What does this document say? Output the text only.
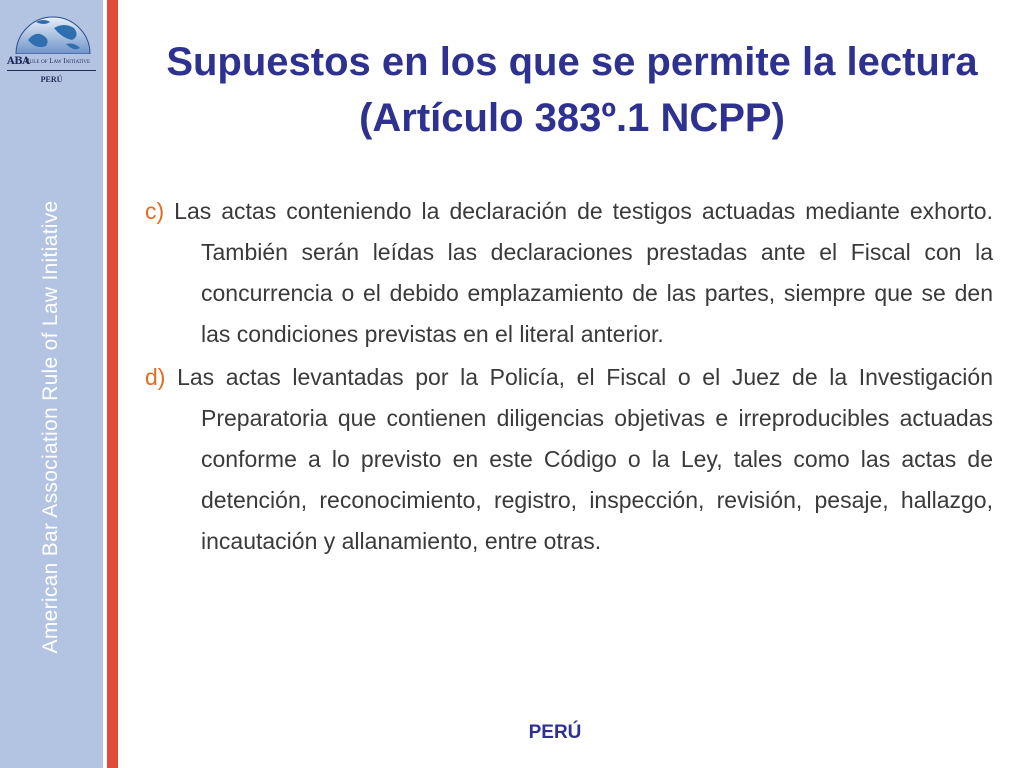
ABA
Rule of Law Initiative
PERÚ
American Bar Association Rule of Law Initiative
Supuestos en los que se permite la lectura (Artículo 383º.1 NCPP)

c) Las actas conteniendo la declaración de testigos actuadas mediante exhorto. También serán leídas las declaraciones prestadas ante el Fiscal con la concurrencia o el debido emplazamiento de las partes, siempre que se den las condiciones previstas en el literal anterior.

d) Las actas levantadas por la Policía, el Fiscal o el Juez de la Investigación Preparatoria que contienen diligencias objetivas e irreproducibles actuadas conforme a lo previsto en este Código o la Ley, tales como las actas de detención, reconocimiento, registro, inspección, revisión, pesaje, hallazgo, incautación y allanamiento, entre otras.

PERÚ
